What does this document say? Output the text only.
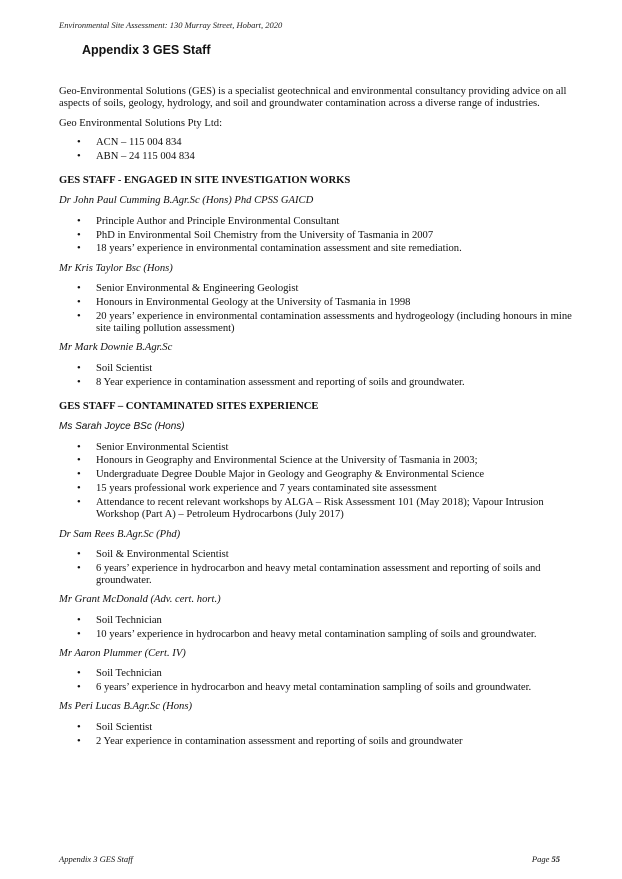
Environmental Site Assessment: 130 Murray Street, Hobart, 2020
Appendix 3 GES Staff

Geo-Environmental Solutions (GES) is a specialist geotechnical and environmental consultancy providing advice on all aspects of soils, geology, hydrology, and soil and groundwater contamination across a diverse range of industries.

Geo Environmental Solutions Pty Ltd:

• ACN – 115 004 834
• ABN – 24 115 004 834

GES STAFF - ENGAGED IN SITE INVESTIGATION WORKS

Dr John Paul Cumming B.Agr.Sc (Hons) Phd CPSS GAICD

• Principle Author and Principle Environmental Consultant
• PhD in Environmental Soil Chemistry from the University of Tasmania in 2007
• 18 years’ experience in environmental contamination assessment and site remediation.

Mr Kris Taylor Bsc (Hons)

• Senior Environmental & Engineering Geologist
• Honours in Environmental Geology at the University of Tasmania in 1998
• 20 years’ experience in environmental contamination assessments and hydrogeology (including honours in mine site tailing pollution assessment)

Mr Mark Downie B.Agr.Sc

• Soil Scientist
• 8 Year experience in contamination assessment and reporting of soils and groundwater.

GES STAFF – CONTAMINATED SITES EXPERIENCE

Ms Sarah Joyce BSc (Hons)

• Senior Environmental Scientist
• Honours in Geography and Environmental Science at the University of Tasmania in 2003;
• Undergraduate Degree Double Major in Geology and Geography & Environmental Science
• 15 years professional work experience and 7 years contaminated site assessment
• Attendance to recent relevant workshops by ALGA – Risk Assessment 101 (May 2018); Vapour Intrusion Workshop (Part A) – Petroleum Hydrocarbons (July 2017)

Dr Sam Rees B.Agr.Sc (Phd)

• Soil & Environmental Scientist
• 6 years’ experience in hydrocarbon and heavy metal contamination assessment and reporting of soils and groundwater.

Mr Grant McDonald (Adv. cert. hort.)

• Soil Technician
• 10 years’ experience in hydrocarbon and heavy metal contamination sampling of soils and groundwater.

Mr Aaron Plummer (Cert. IV)

• Soil Technician
• 6 years’ experience in hydrocarbon and heavy metal contamination sampling of soils and groundwater.

Ms Peri Lucas B.Agr.Sc (Hons)

• Soil Scientist
• 2 Year experience in contamination assessment and reporting of soils and groundwater
Appendix 3 GES Staff	Page 55
